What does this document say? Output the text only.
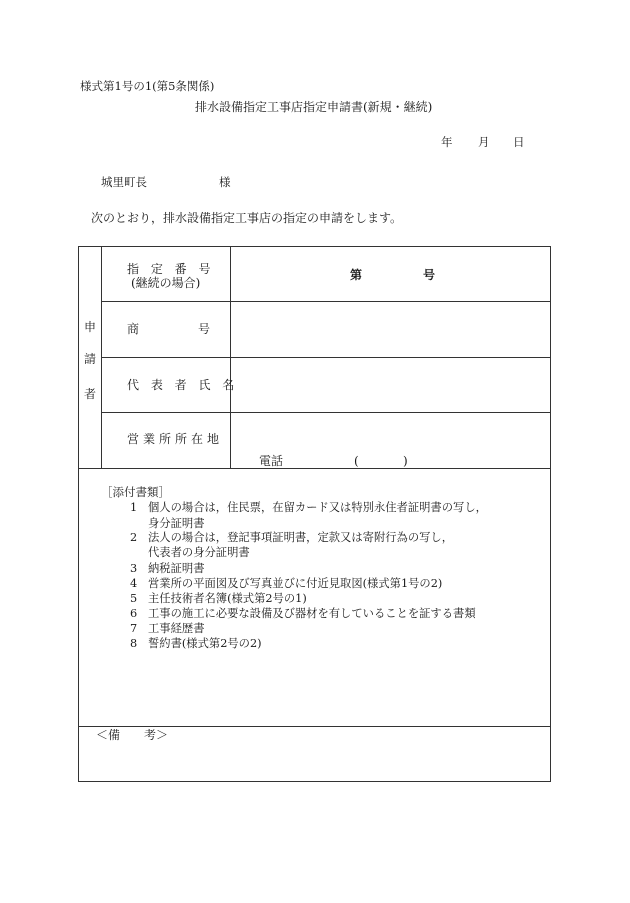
様式第1号の1(第5条関係)
排水設備指定工事店指定申請書(新規・継続)
年 月 日
城里町長	様
次のとおり，排水設備指定工事店の指定の申請をします。
申
請
者
指 定 番 号
(継続の場合)
第	号
商	号
代 表 者 氏 名
営業所所在地
電話	(	)
［添付書類］
1 個人の場合は，住民票，在留カード又は特別永住者証明書の写し，
身分証明書
2 法人の場合は，登記事項証明書，定款又は寄附行為の写し，
代表者の身分証明書
3 納税証明書
4 営業所の平面図及び写真並びに付近見取図(様式第1号の2)
5 主任技術者名簿(様式第2号の1)
6 工事の施工に必要な設備及び器材を有していることを証する書類
7 工事経歴書
8 誓約書(様式第2号の2)
＜備　　考＞
